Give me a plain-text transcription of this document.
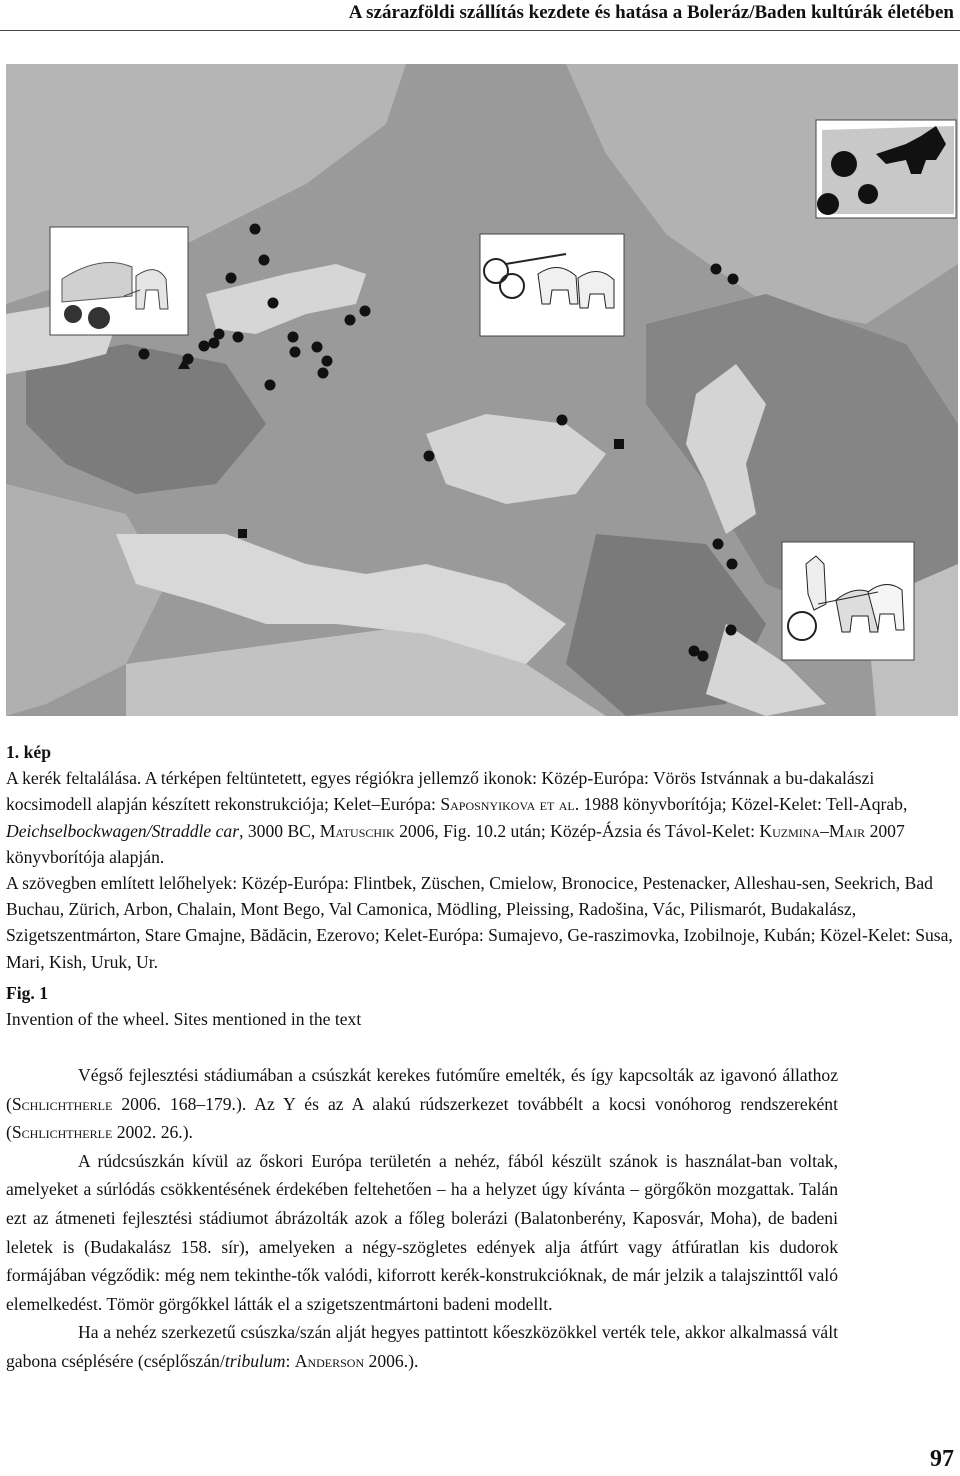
A szárazföldi szállítás kezdete és hatása a Boleráz/Baden kultúrák életében
1. kép
A kerék feltalálása. A térképen feltüntetett, egyes régiókra jellemző ikonok: Közép-Európa: Vörös Istvánnak a bu-dakalászi kocsimodell alapján készített rekonstrukciója; Kelet–Európa: Saposnyikova et al. 1988 könyvborítója; Közel-Kelet: Tell-Aqrab, Deichselbockwagen/Straddle car, 3000 BC, Matuschik 2006, Fig. 10.2 után; Közép-Ázsia és Távol-Kelet: Kuzmina–Mair 2007 könyvborítója alapján.
A szövegben említett lelőhelyek: Közép-Európa: Flintbek, Züschen, Cmielow, Bronocice, Pestenacker, Alleshau-sen, Seekrich, Bad Buchau, Zürich, Arbon, Chalain, Mont Bego, Val Camonica, Mödling, Pleissing, Radošina, Vác, Pilismarót, Budakalász, Szigetszentmárton, Stare Gmajne, Bădăcin, Ezerovo; Kelet-Európa: Sumajevo, Ge-raszimovka, Izobilnoje, Kubán; Közel-Kelet: Susa, Mari, Kish, Uruk, Ur.
Fig. 1
Invention of the wheel. Sites mentioned in the text

Végső fejlesztési stádiumában a csúszkát kerekes futóműre emelték, és így kapcsolták az igavonó állathoz (Schlichtherle 2006. 168–179.). Az Y és az A alakú rúdszerkezet továbbélt a kocsi vonóhorog rendszereként (Schlichtherle 2002. 26.).

A rúdcsúszkán kívül az őskori Európa területén a nehéz, fából készült szánok is használat-ban voltak, amelyeket a súrlódás csökkentésének érdekében feltehetően – ha a helyzet úgy kívánta – görgőkön mozgattak. Talán ezt az átmeneti fejlesztési stádiumot ábrázolták azok a főleg bolerázi (Balatonberény, Kaposvár, Moha), de badeni leletek is (Budakalász 158. sír), amelyeken a négy-szögletes edények alja átfúrt vagy átfúratlan kis dudorok formájában végződik: még nem tekinthe-tők valódi, kiforrott kerék-konstrukcióknak, de már jelzik a talajszinttől való elemelkedést. Tömör görgőkkel látták el a szigetszentmártoni badeni modellt.

Ha a nehéz szerkezetű csúszka/szán alját hegyes pattintott kőeszközökkel verték tele, akkor alkalmassá vált gabona cséplésére (cséplőszán/tribulum: Anderson 2006.).

97
